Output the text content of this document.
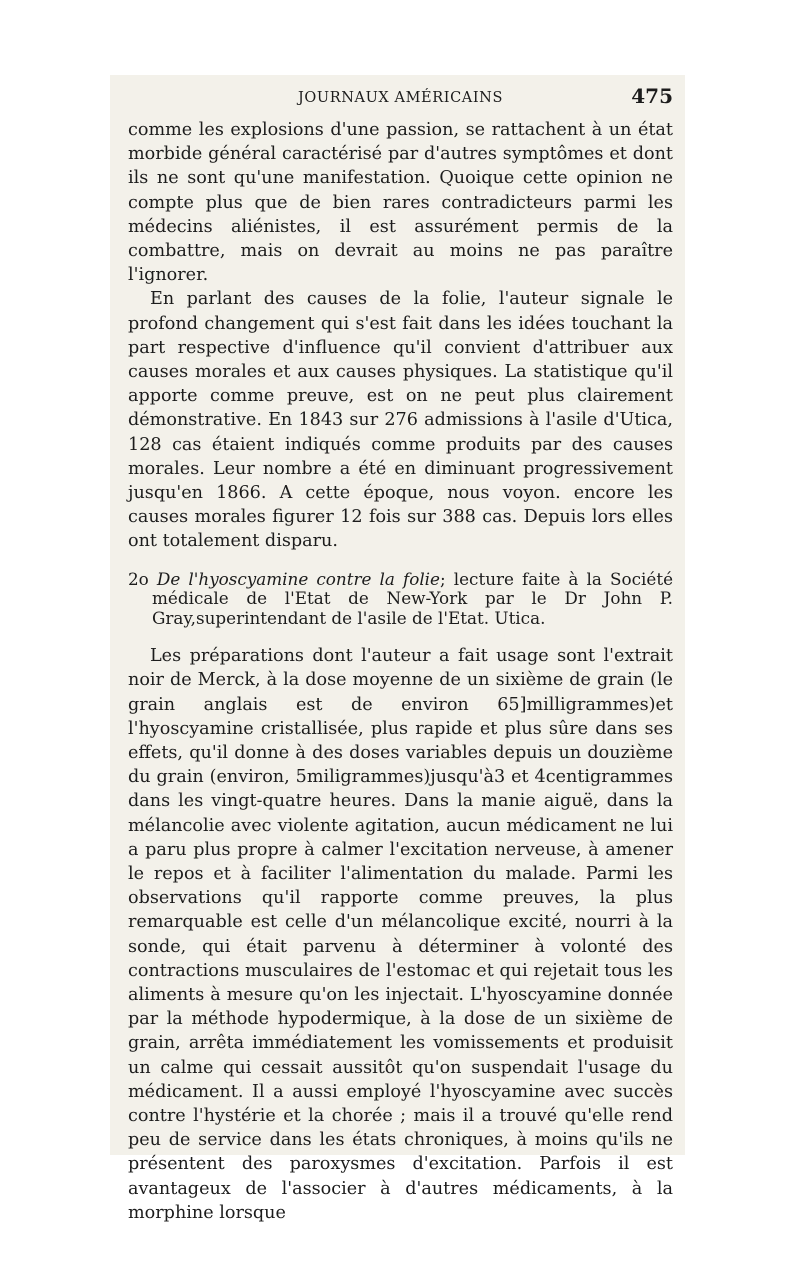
JOURNAUX AMÉRICAINS	475

comme les explosions d'une passion, se rattachent à un état morbide général caractérisé par d'autres symptômes et dont ils ne sont qu'une manifestation. Quoique cette opinion ne compte plus que de bien rares contradicteurs parmi les médecins aliénistes, il est assurément permis de la combattre, mais on devrait au moins ne pas paraître l'ignorer.

En parlant des causes de la folie, l'auteur signale le profond changement qui s'est fait dans les idées touchant la part respective d'influence qu'il convient d'attribuer aux causes morales et aux causes physiques. La statistique qu'il apporte comme preuve, est on ne peut plus clairement démonstrative. En 1843 sur 276 admissions à l'asile d'Utica, 128 cas étaient indiqués comme produits par des causes morales. Leur nombre a été en diminuant progressivement jusqu'en 1866. A cette époque, nous voyon. encore les causes morales figurer 12 fois sur 388 cas. Depuis lors elles ont totalement disparu.

2o De l'hyoscyamine contre la folie; lecture faite à la Société médicale de l'Etat de New-York par le Dr John P. Gray,superintendant de l'asile de l'Etat. Utica.

Les préparations dont l'auteur a fait usage sont l'extrait noir de Merck, à la dose moyenne de un sixième de grain (le grain anglais est de environ 65]milligrammes)et l'hyoscyamine cristallisée, plus rapide et plus sûre dans ses effets, qu'il donne à des doses variables depuis un douzième du grain (environ, 5miligrammes)jusqu'à3 et 4centigrammes dans les vingt-quatre heures. Dans la manie aiguë, dans la mélancolie avec violente agitation, aucun médicament ne lui a paru plus propre à calmer l'excitation nerveuse, à amener le repos et à faciliter l'alimentation du malade. Parmi les observations qu'il rapporte comme preuves, la plus remarquable est celle d'un mélancolique excité, nourri à la sonde, qui était parvenu à déterminer à volonté des contractions musculaires de l'estomac et qui rejetait tous les aliments à mesure qu'on les injectait. L'hyoscyamine donnée par la méthode hypodermique, à la dose de un sixième de grain, arrêta immédiatement les vomissements et produisit un calme qui cessait aussitôt qu'on suspendait l'usage du médicament. Il a aussi employé l'hyoscyamine avec succès contre l'hystérie et la chorée ; mais il a trouvé qu'elle rend peu de service dans les états chroniques, à moins qu'ils ne présentent des paroxysmes d'excitation. Parfois il est avantageux de l'associer à d'autres médicaments, à la morphine lorsque
